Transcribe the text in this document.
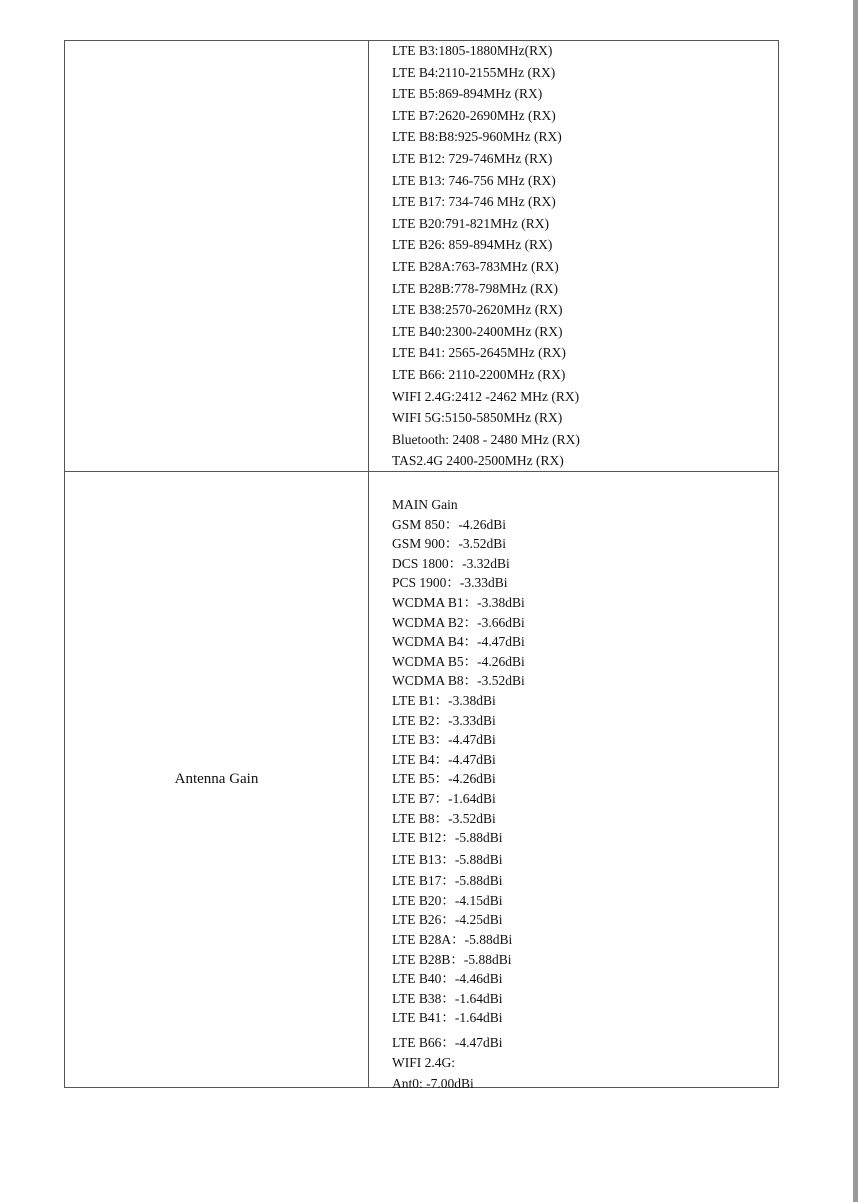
LTE B3:1805-1880MHz(RX)
LTE B4:2110-2155MHz (RX)
LTE B5:869-894MHz (RX)
LTE B7:2620-2690MHz (RX)
LTE B8:B8:925-960MHz (RX)
LTE B12: 729-746MHz (RX)
LTE B13: 746-756 MHz (RX)
LTE B17: 734-746 MHz (RX)
LTE B20:791-821MHz (RX)
LTE B26: 859-894MHz (RX)
LTE B28A:763-783MHz (RX)
LTE B28B:778-798MHz (RX)
LTE B38:2570-2620MHz (RX)
LTE B40:2300-2400MHz (RX)
LTE B41: 2565-2645MHz (RX)
LTE B66: 2110-2200MHz (RX)
WIFI 2.4G:2412 -2462 MHz (RX)
WIFI 5G:5150-5850MHz (RX)
Bluetooth: 2408 - 2480 MHz (RX)
TAS2.4G 2400-2500MHz (RX)
Antenna Gain
MAIN Gain
GSM 850：-4.26dBi
GSM 900：-3.52dBi
DCS 1800：-3.32dBi
PCS 1900：-3.33dBi
WCDMA B1：-3.38dBi
WCDMA B2：-3.66dBi
WCDMA B4：-4.47dBi
WCDMA B5：-4.26dBi
WCDMA B8：-3.52dBi
LTE B1：-3.38dBi
LTE B2：-3.33dBi
LTE B3：-4.47dBi
LTE B4：-4.47dBi
LTE B5：-4.26dBi
LTE B7：-1.64dBi
LTE B8：-3.52dBi
LTE B12：-5.88dBi
LTE B13：-5.88dBi
LTE B17：-5.88dBi
LTE B20：-4.15dBi
LTE B26：-4.25dBi
LTE B28A：-5.88dBi
LTE B28B：-5.88dBi
LTE B40：-4.46dBi
LTE B38：-1.64dBi
LTE B41：-1.64dBi
LTE B66：-4.47dBi
WIFI 2.4G:
Ant0: -7.00dBi
